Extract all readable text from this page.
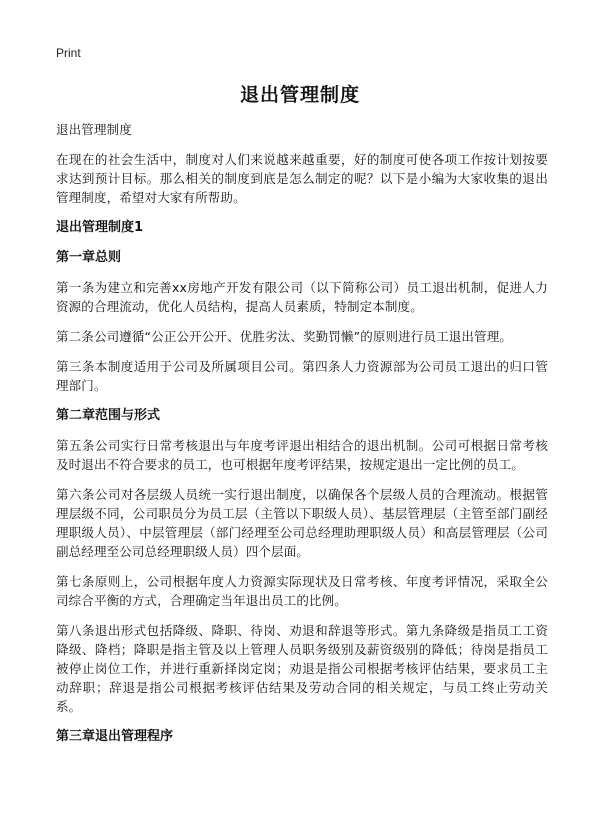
Print
退出管理制度

退出管理制度

在现在的社会生活中，制度对人们来说越来越重要，好的制度可使各项工作按计划按要求达到预计目标。那么相关的制度到底是怎么制定的呢？以下是小编为大家收集的退出管理制度，希望对大家有所帮助。

退出管理制度1

第一章总则

第一条为建立和完善xx房地产开发有限公司（以下简称公司）员工退出机制，促进人力资源的合理流动，优化人员结构，提高人员素质，特制定本制度。

第二条公司遵循“公正公开公开、优胜劣汰、奖勤罚懒”的原则进行员工退出管理。

第三条本制度适用于公司及所属项目公司。第四条人力资源部为公司员工退出的归口管理部门。

第二章范围与形式

第五条公司实行日常考核退出与年度考评退出相结合的退出机制。公司可根据日常考核及时退出不符合要求的员工，也可根据年度考评结果，按规定退出一定比例的员工。

第六条公司对各层级人员统一实行退出制度，以确保各个层级人员的合理流动。根据管理层级不同，公司职员分为员工层（主管以下职级人员）、基层管理层（主管至部门副经理职级人员）、中层管理层（部门经理至公司总经理助理职级人员）和高层管理层（公司副总经理至公司总经理职级人员）四个层面。

第七条原则上，公司根据年度人力资源实际现状及日常考核、年度考评情况，采取全公司综合平衡的方式，合理确定当年退出员工的比例。

第八条退出形式包括降级、降职、待岗、劝退和辞退等形式。第九条降级是指员工工资降级、降档；降职是指主管及以上管理人员职务级别及薪资级别的降低；待岗是指员工被停止岗位工作，并进行重新择岗定岗；劝退是指公司根据考核评估结果，要求员工主动辞职；辞退是指公司根据考核评估结果及劳动合同的相关规定，与员工终止劳动关系。

第三章退出管理程序
